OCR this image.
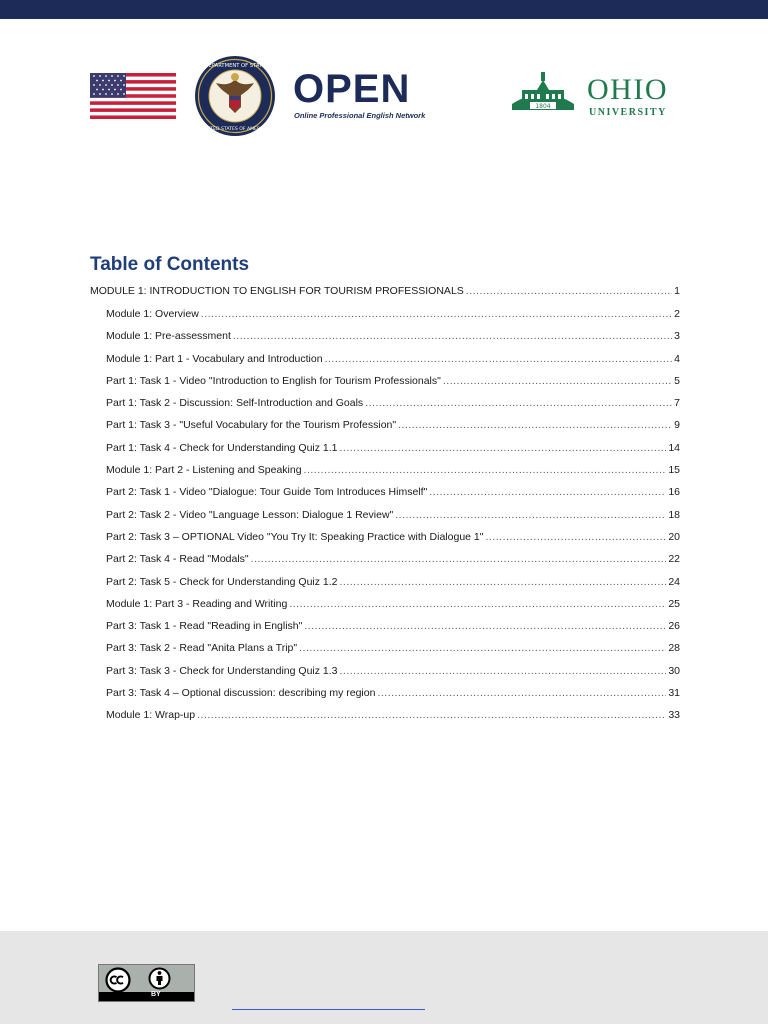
DEPARTMENT OF STATE
UNITED STATES OF AMERICA
OPEN
Online Professional English Network
1804
OHIO
UNIVERSITY
Table of Contents
MODULE 1: INTRODUCTION TO ENGLISH FOR TOURISM PROFESSIONALS .....	1
Module 1: Overview .....	2
Module 1: Pre-assessment .....	3
Module 1: Part 1 - Vocabulary and Introduction .....	4
Part 1: Task 1 - Video "Introduction to English for Tourism Professionals" .....	5
Part 1: Task 2 - Discussion: Self-Introduction and Goals .....	7
Part 1: Task 3 - "Useful Vocabulary for the Tourism Profession" .....	9
Part 1: Task 4 - Check for Understanding Quiz 1.1 .....	14
Module 1: Part 2 - Listening and Speaking .....	15
Part 2: Task 1 - Video "Dialogue: Tour Guide Tom Introduces Himself" .....	16
Part 2: Task 2 - Video "Language Lesson: Dialogue 1 Review" .....	18
Part 2: Task 3 – OPTIONAL Video "You Try It: Speaking Practice with Dialogue 1" .....	20
Part 2: Task 4 - Read "Modals" .....	22
Part 2: Task 5 - Check for Understanding Quiz 1.2 .....	24
Module 1: Part 3 - Reading and Writing .....	25
Part 3: Task 1 - Read "Reading in English" .....	26
Part 3: Task 2 - Read "Anita Plans a Trip" .....	28
Part 3: Task 3 - Check for Understanding Quiz 1.3 .....	30
Part 3: Task 4 – Optional discussion: describing my region .....	31
Module 1: Wrap-up .....	33
BY
